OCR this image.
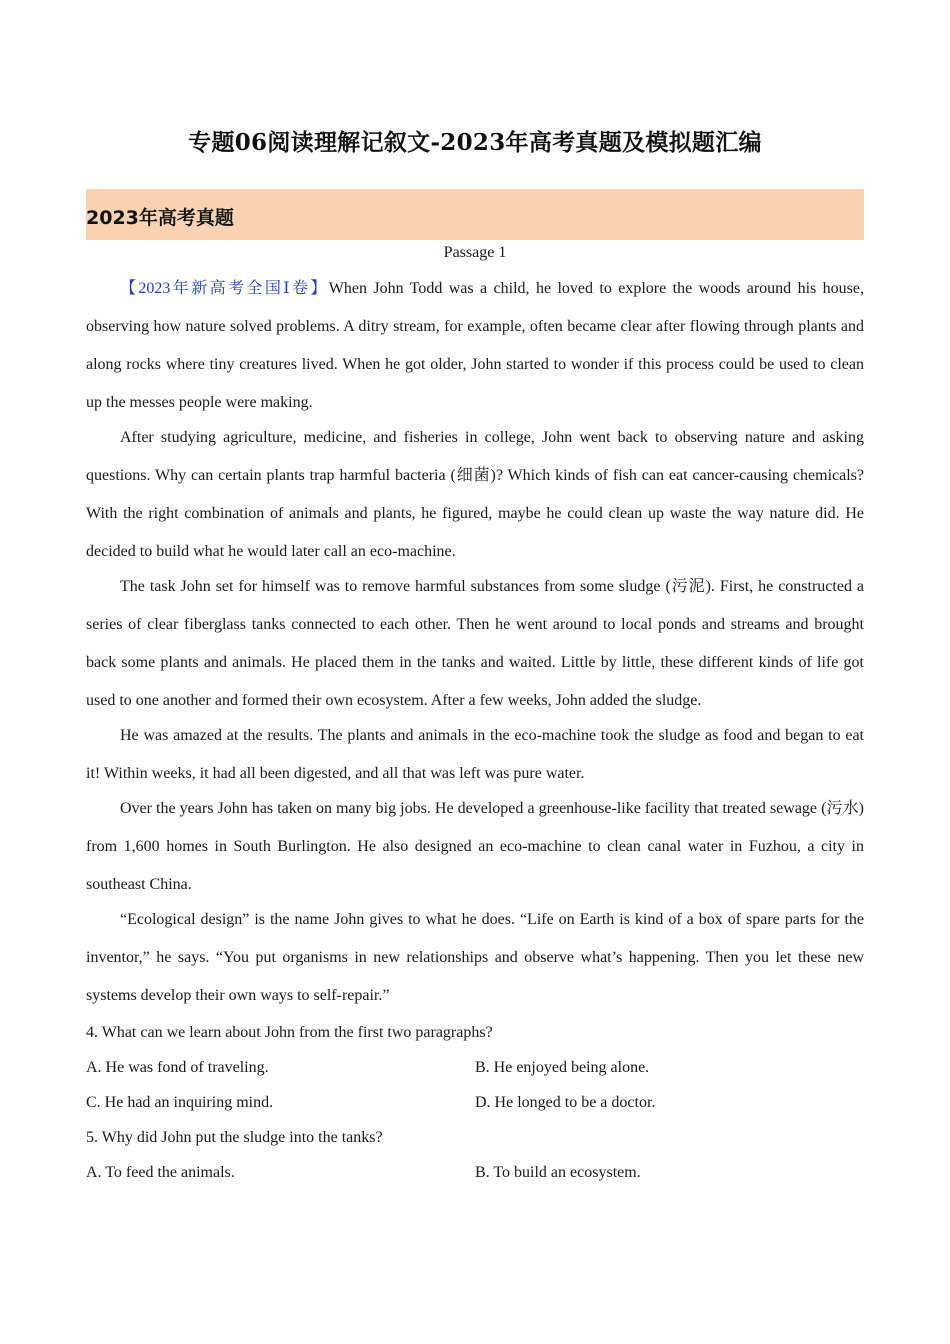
专题06阅读理解记叙文-2023年高考真题及模拟题汇编
2023年高考真题
Passage 1

【2023年新高考全国Ⅰ卷】When John Todd was a child, he loved to explore the woods around his house, observing how nature solved problems. A ditry stream, for example, often became clear after flowing through plants and along rocks where tiny creatures lived. When he got older, John started to wonder if this process could be used to clean up the messes people were making.

After studying agriculture, medicine, and fisheries in college, John went back to observing nature and asking questions. Why can certain plants trap harmful bacteria (细菌)? Which kinds of fish can eat cancer-causing chemicals? With the right combination of animals and plants, he figured, maybe he could clean up waste the way nature did. He decided to build what he would later call an eco-machine.

The task John set for himself was to remove harmful substances from some sludge (污泥). First, he constructed a series of clear fiberglass tanks connected to each other. Then he went around to local ponds and streams and brought back some plants and animals. He placed them in the tanks and waited. Little by little, these different kinds of life got used to one another and formed their own ecosystem. After a few weeks, John added the sludge.

He was amazed at the results. The plants and animals in the eco-machine took the sludge as food and began to eat it! Within weeks, it had all been digested, and all that was left was pure water.

Over the years John has taken on many big jobs. He developed a greenhouse-like facility that treated sewage (污水) from 1,600 homes in South Burlington. He also designed an eco-machine to clean canal water in Fuzhou, a city in southeast China.

“Ecological design” is the name John gives to what he does. “Life on Earth is kind of a box of spare parts for the inventor,” he says. “You put organisms in new relationships and observe what’s happening. Then you let these new systems develop their own ways to self-repair.”

4. What can we learn about John from the first two paragraphs?

A. He was fond of traveling.	B. He enjoyed being alone.
C. He had an inquiring mind.	D. He longed to be a doctor.

5. Why did John put the sludge into the tanks?

A. To feed the animals.	B. To build an ecosystem.
